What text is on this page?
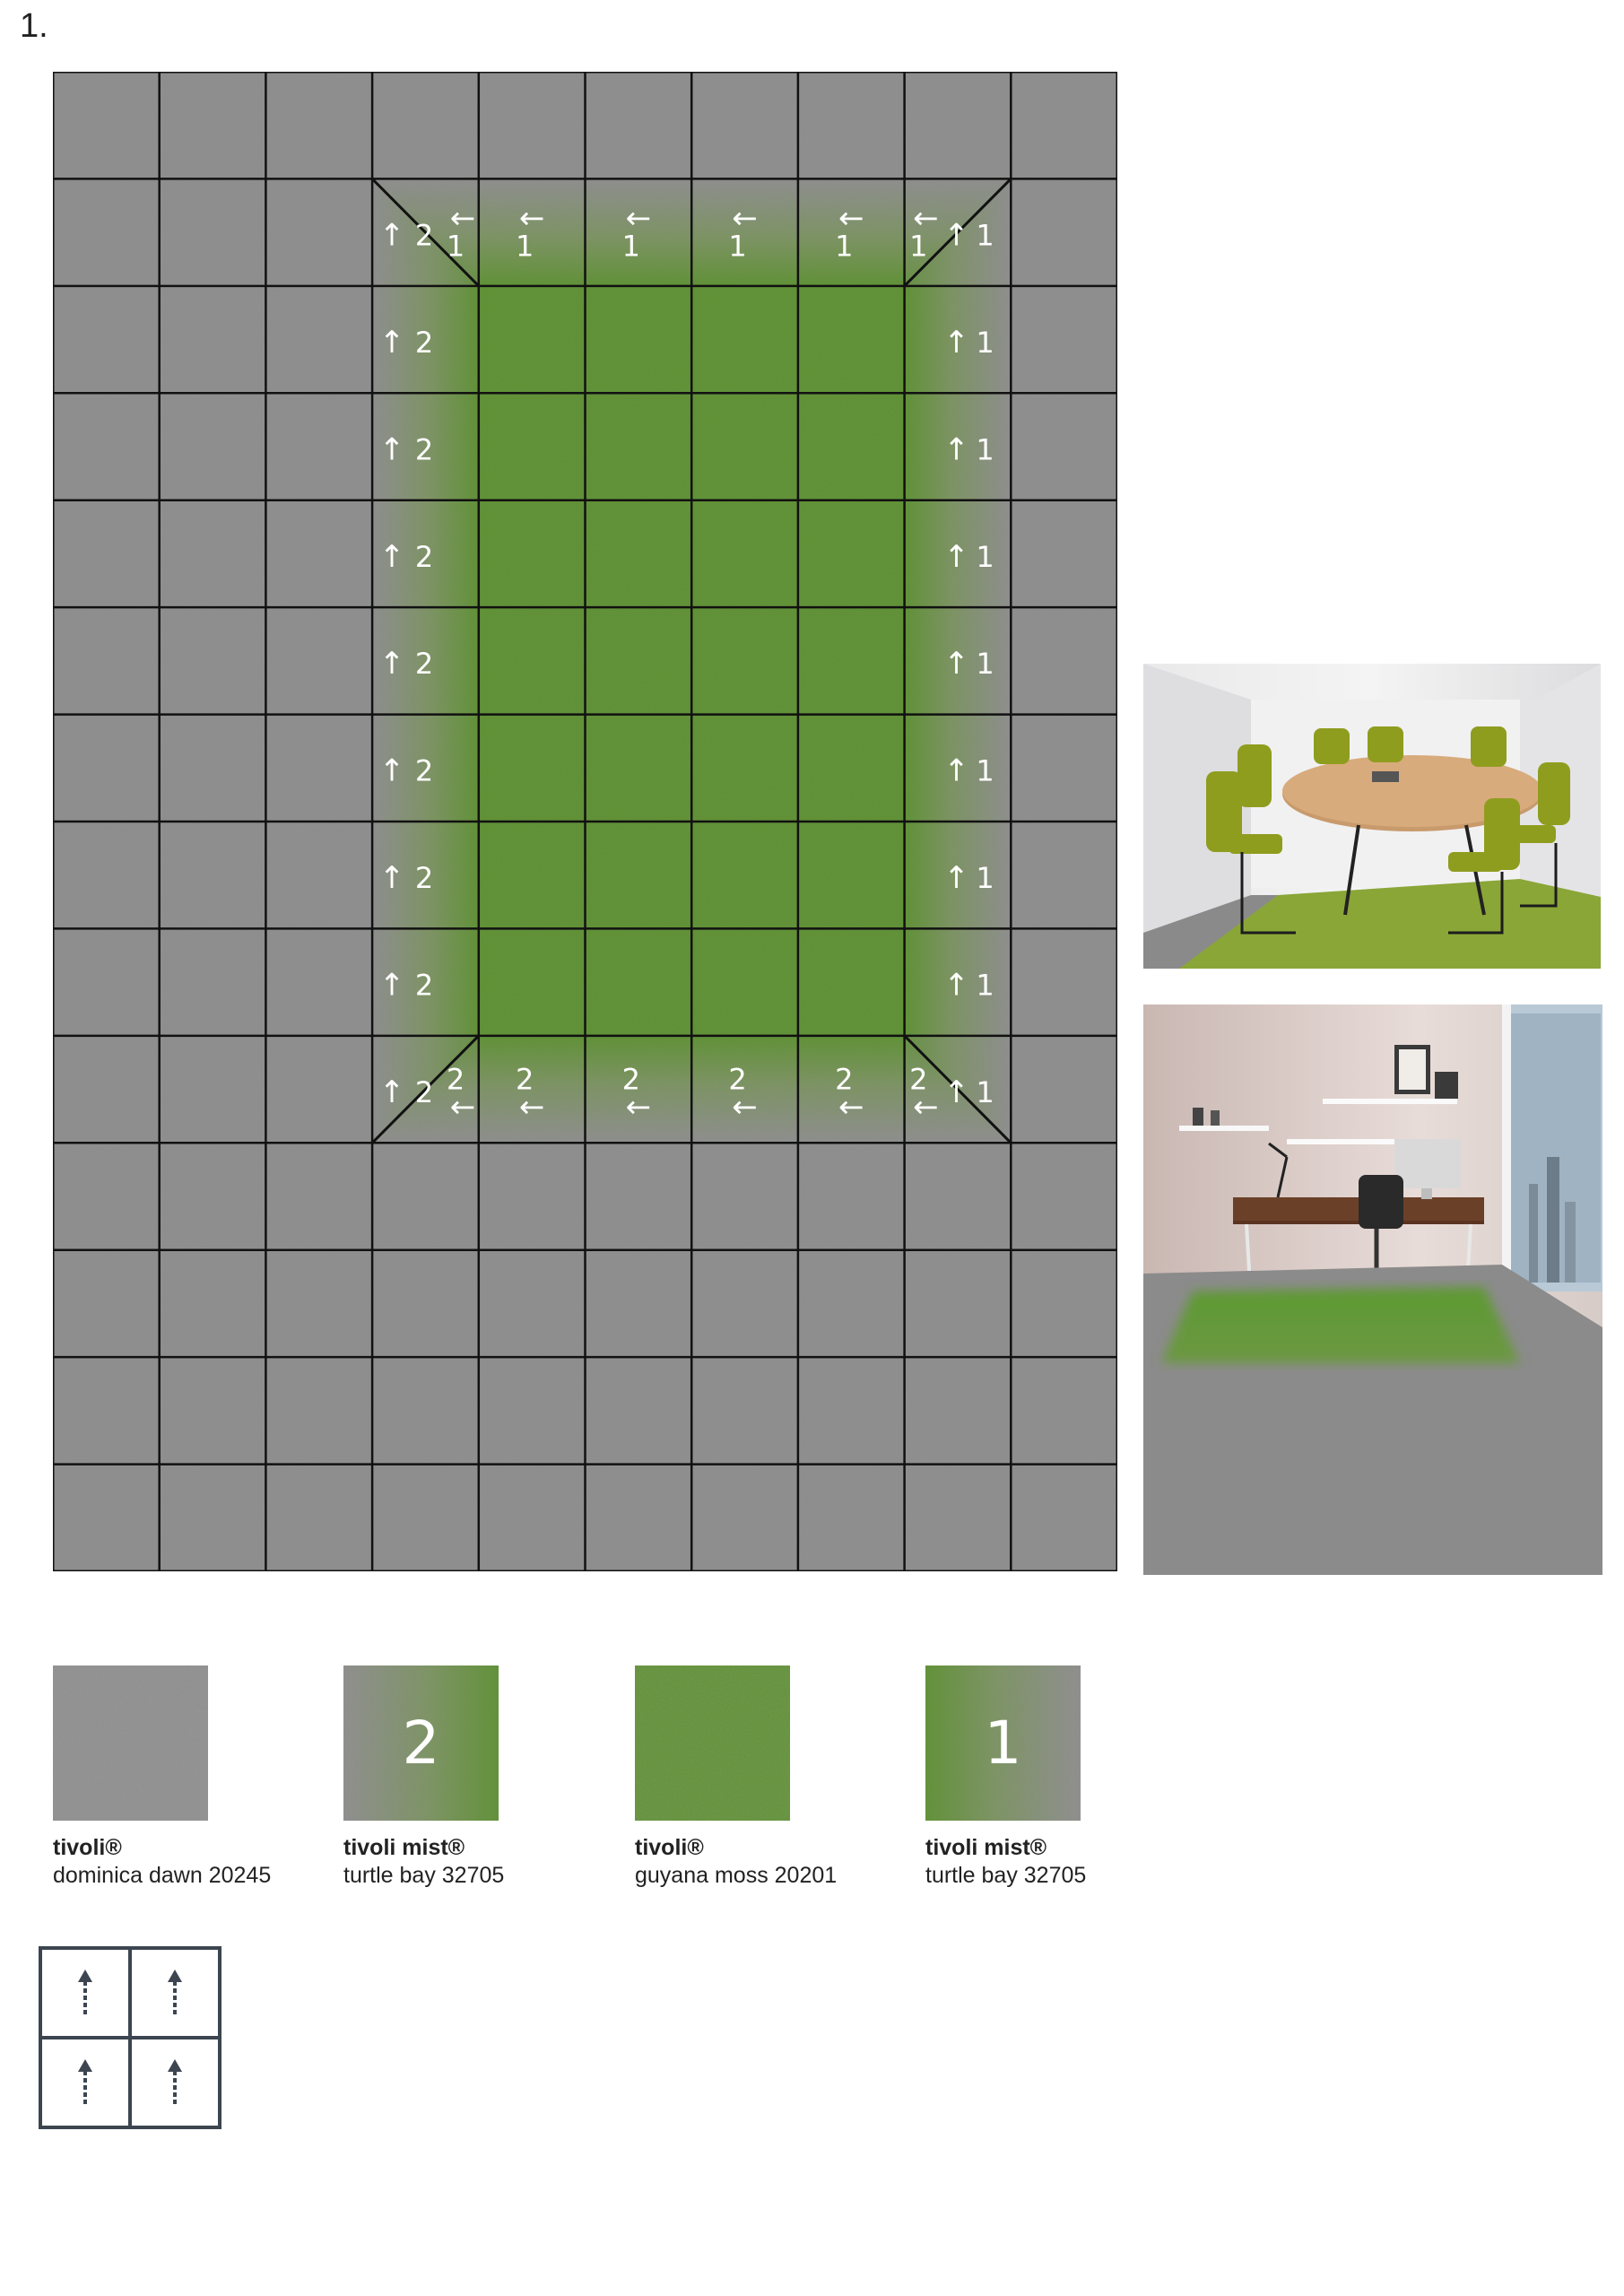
1.
↑ 2
↑ 2
↑ 2
↑ 2
↑ 2
↑ 2
↑ 2
↑ 2
↑ 2
↑ 1
↑ 1
↑ 1
↑ 1
↑ 1
↑ 1
↑ 1
↑ 1
↑ 1
←
1
←
1
←
1
←
1
←
1
←
1
2
←
2
←
2
←
2
←
2
←
2
←
tivoli®
dominica dawn 20245
2
tivoli mist®
turtle bay 32705
tivoli®
guyana moss 20201
1
tivoli mist®
turtle bay 32705
